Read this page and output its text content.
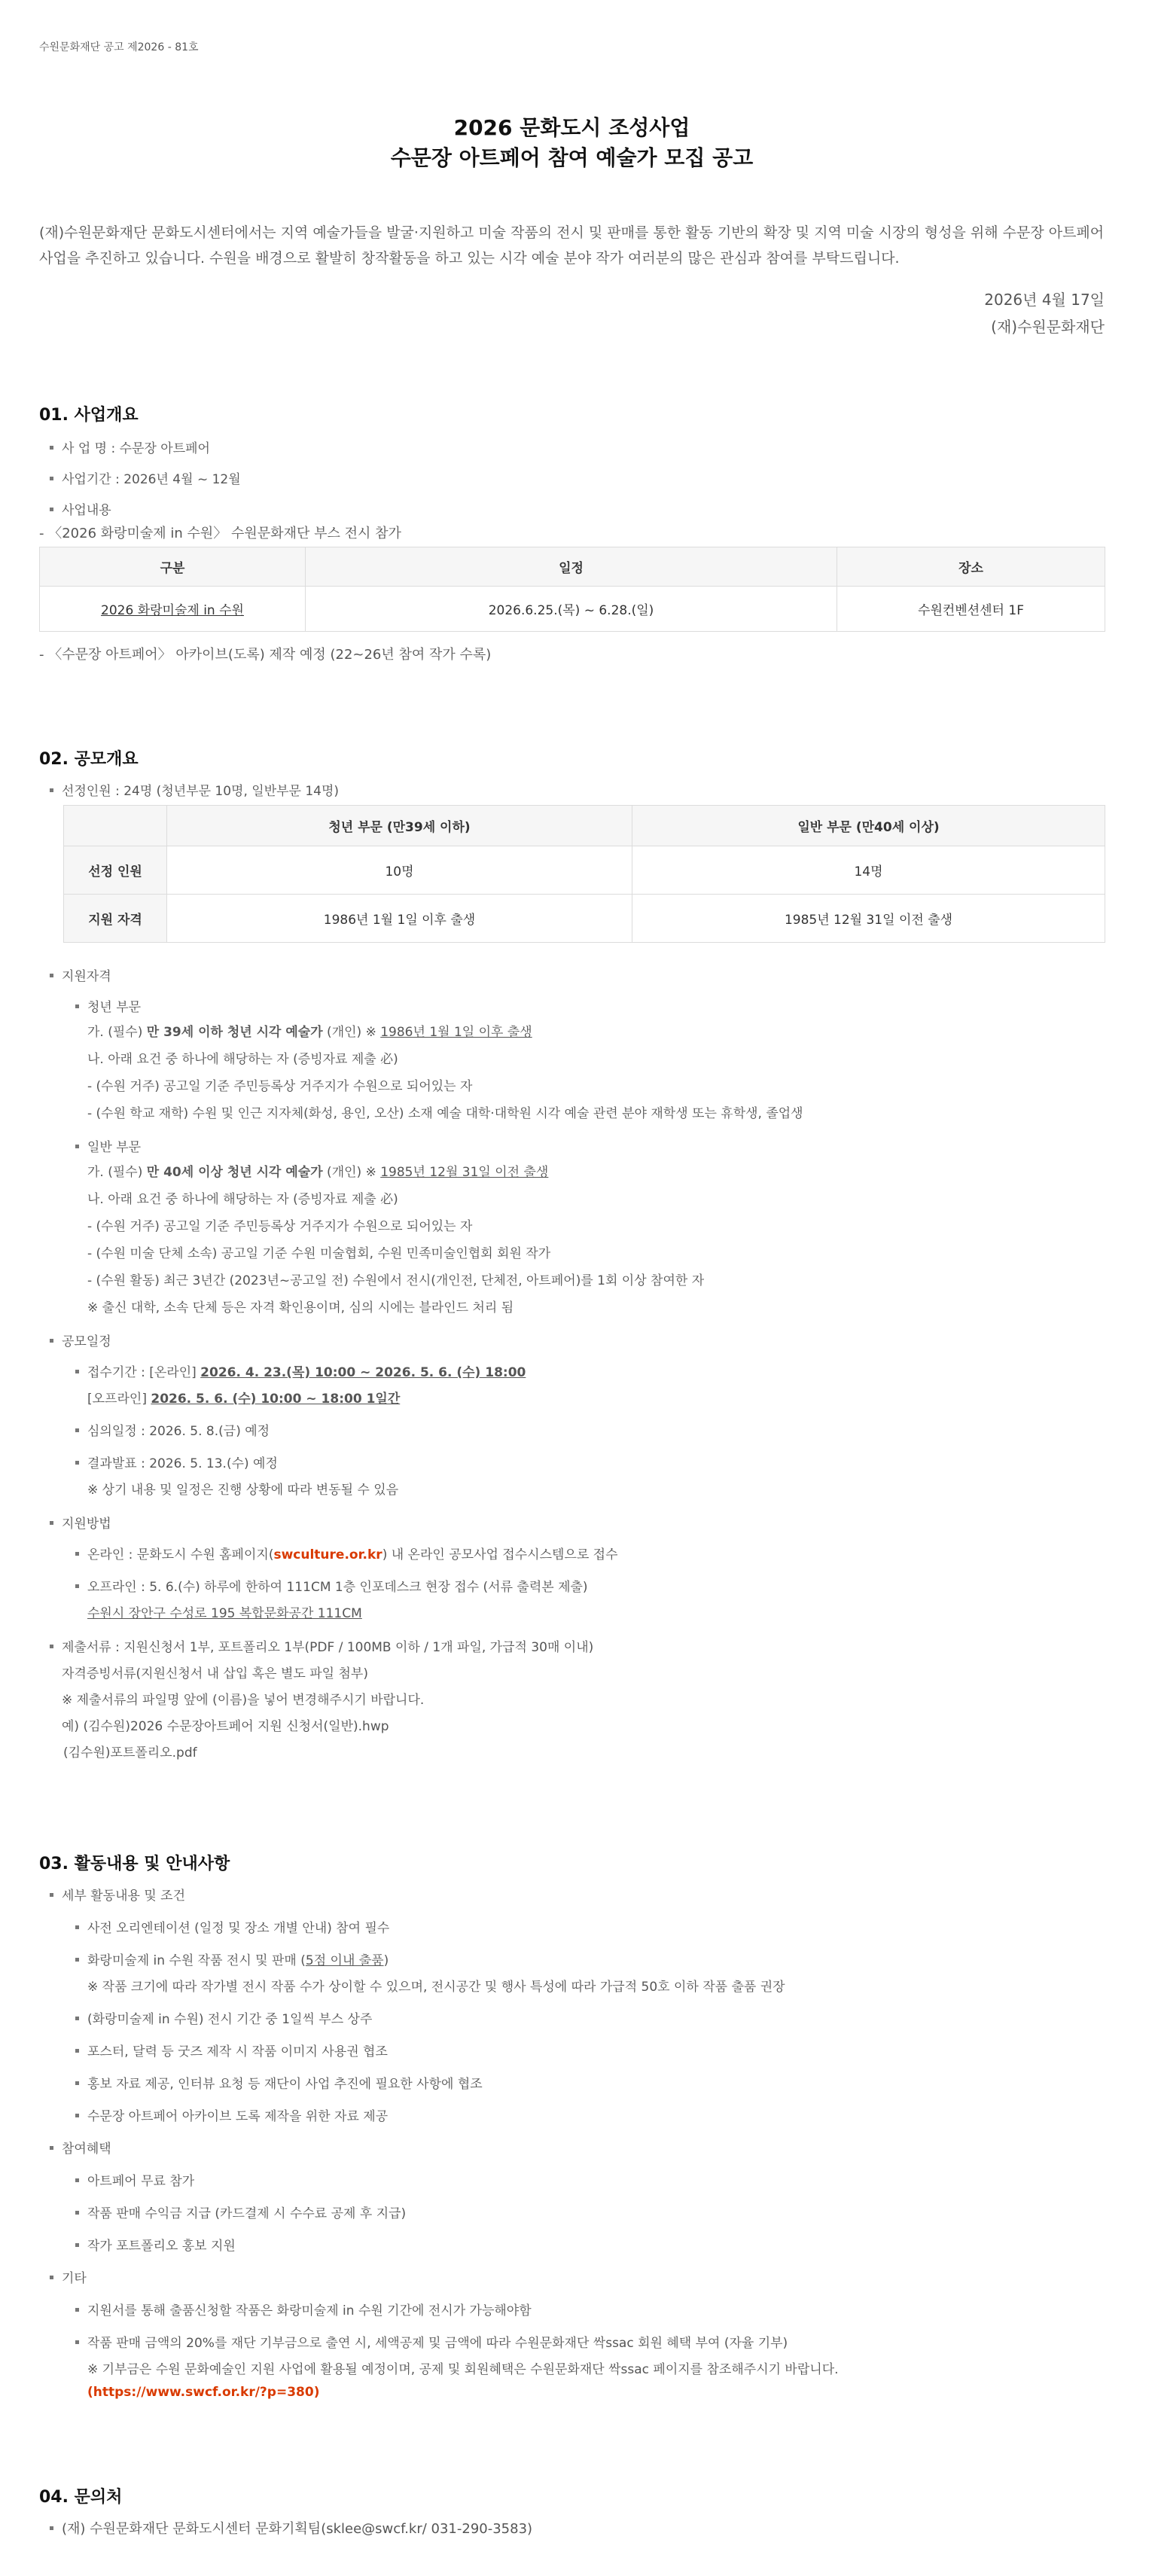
수원문화재단 공고 제2026 - 81호

2026 문화도시 조성사업
수문장 아트페어 참여 예술가 모집 공고
(재)수원문화재단 문화도시센터에서는 지역 예술가들을 발굴·지원하고 미술 작품의 전시 및 판매를 통한 활동 기반의 확장 및 지역 미술 시장의 형성을 위해 수문장 아트페어 사업을 추진하고 있습니다. 수원을 배경으로 활발히 창작활동을 하고 있는 시각 예술 분야 작가 여러분의 많은 관심과 참여를 부탁드립니다.
2026년 4월 17일
(재)수원문화재단
01. 사업개요
사 업 명 : 수문장 아트페어
사업기간 : 2026년 4월 ~ 12월
사업내용
- 〈2026 화랑미술제 in 수원〉 수원문화재단 부스 전시 참가
구분	일정	장소
2026 화랑미술제 in 수원	2026.6.25.(목) ~ 6.28.(일)	수원컨벤션센터 1F
- 〈수문장 아트페어〉 아카이브(도록) 제작 예정 (22~26년 참여 작가 수록)
02. 공모개요
선정인원 : 24명 (청년부문 10명, 일반부문 14명)
	청년 부문 (만39세 이하)	일반 부문 (만40세 이상)
선정 인원	10명	14명
지원 자격	1986년 1월 1일 이후 출생	1985년 12월 31일 이전 출생
지원자격
청년 부문
가. (필수) 만 39세 이하 청년 시각 예술가 (개인) ※ 1986년 1월 1일 이후 출생
나. 아래 요건 중 하나에 해당하는 자 (증빙자료 제출 必)
- (수원 거주) 공고일 기준 주민등록상 거주지가 수원으로 되어있는 자
- (수원 학교 재학) 수원 및 인근 지자체(화성, 용인, 오산) 소재 예술 대학·대학원 시각 예술 관련 분야 재학생 또는 휴학생, 졸업생
일반 부문
가. (필수) 만 40세 이상 청년 시각 예술가 (개인) ※ 1985년 12월 31일 이전 출생
나. 아래 요건 중 하나에 해당하는 자 (증빙자료 제출 必)
- (수원 거주) 공고일 기준 주민등록상 거주지가 수원으로 되어있는 자
- (수원 미술 단체 소속) 공고일 기준 수원 미술협회, 수원 민족미술인협회 회원 작가
- (수원 활동) 최근 3년간 (2023년~공고일 전) 수원에서 전시(개인전, 단체전, 아트페어)를 1회 이상 참여한 자
※ 출신 대학, 소속 단체 등은 자격 확인용이며, 심의 시에는 블라인드 처리 됨
공모일정
접수기간 : [온라인] 2026. 4. 23.(목) 10:00 ~ 2026. 5. 6. (수) 18:00
[오프라인] 2026. 5. 6. (수) 10:00 ~ 18:00 1일간
심의일정 : 2026. 5. 8.(금) 예정
결과발표 : 2026. 5. 13.(수) 예정
※ 상기 내용 및 일정은 진행 상황에 따라 변동될 수 있음
지원방법
온라인 : 문화도시 수원 홈페이지(swculture.or.kr) 내 온라인 공모사업 접수시스템으로 접수
오프라인 : 5. 6.(수) 하루에 한하여 111CM 1층 인포데스크 현장 접수 (서류 출력본 제출)
수원시 장안구 수성로 195 복합문화공간 111CM
제출서류 : 지원신청서 1부, 포트폴리오 1부(PDF / 100MB 이하 / 1개 파일, 가급적 30매 이내)
자격증빙서류(지원신청서 내 삽입 혹은 별도 파일 첨부)
※ 제출서류의 파일명 앞에 (이름)을 넣어 변경해주시기 바랍니다.
예) (김수원)2026 수문장아트페어 지원 신청서(일반).hwp
(김수원)포트폴리오.pdf
03. 활동내용 및 안내사항
세부 활동내용 및 조건
사전 오리엔테이션 (일정 및 장소 개별 안내) 참여 필수
화랑미술제 in 수원 작품 전시 및 판매 (5점 이내 출품)
※ 작품 크기에 따라 작가별 전시 작품 수가 상이할 수 있으며, 전시공간 및 행사 특성에 따라 가급적 50호 이하 작품 출품 권장
(화랑미술제 in 수원) 전시 기간 중 1일씩 부스 상주
포스터, 달력 등 굿즈 제작 시 작품 이미지 사용권 협조
홍보 자료 제공, 인터뷰 요청 등 재단이 사업 추진에 필요한 사항에 협조
수문장 아트페어 아카이브 도록 제작을 위한 자료 제공
참여혜택
아트페어 무료 참가
작품 판매 수익금 지급 (카드결제 시 수수료 공제 후 지급)
작가 포트폴리오 홍보 지원
기타
지원서를 통해 출품신청할 작품은 화랑미술제 in 수원 기간에 전시가 가능해야함
작품 판매 금액의 20%를 재단 기부금으로 출연 시, 세액공제 및 금액에 따라 수원문화재단 싹ssac 회원 혜택 부여 (자율 기부)
※ 기부금은 수원 문화예술인 지원 사업에 활용될 예정이며, 공제 및 회원혜택은 수원문화재단 싹ssac 페이지를 참조해주시기 바랍니다.
(https://www.swcf.or.kr/?p=380)
04. 문의처
(재) 수원문화재단 문화도시센터 문화기획팀(sklee@swcf.kr/ 031-290-3583)
